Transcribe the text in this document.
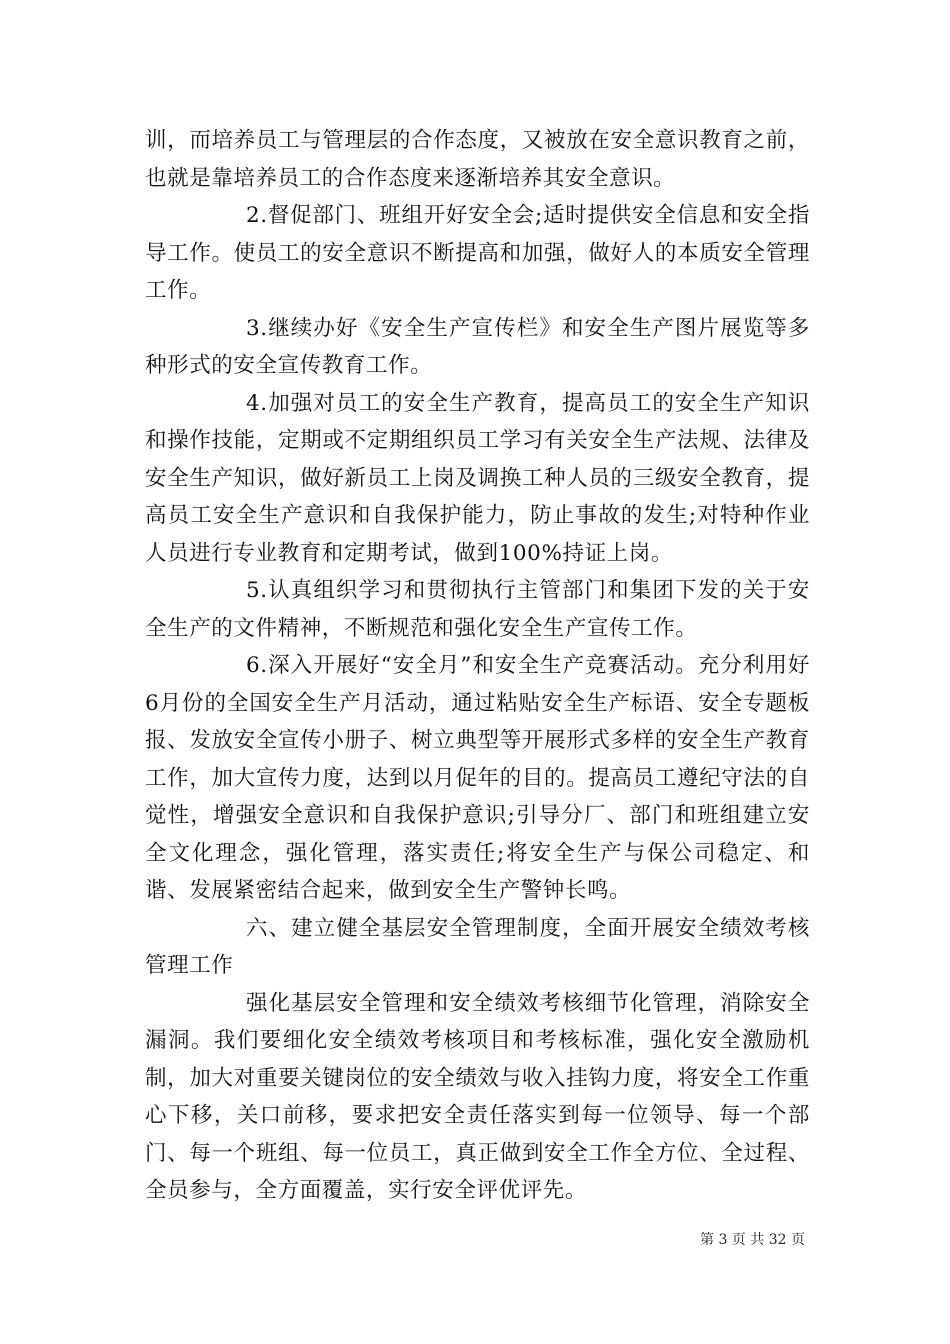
训，而培养员工与管理层的合作态度，又被放在安全意识教育之前，也就是靠培养员工的合作态度来逐渐培养其安全意识。

2.督促部门、班组开好安全会;适时提供安全信息和安全指导工作。使员工的安全意识不断提高和加强，做好人的本质安全管理工作。

3.继续办好《安全生产宣传栏》和安全生产图片展览等多种形式的安全宣传教育工作。

4.加强对员工的安全生产教育，提高员工的安全生产知识和操作技能，定期或不定期组织员工学习有关安全生产法规、法律及安全生产知识，做好新员工上岗及调换工种人员的三级安全教育，提高员工安全生产意识和自我保护能力，防止事故的发生;对特种作业人员进行专业教育和定期考试，做到100%持证上岗。

5.认真组织学习和贯彻执行主管部门和集团下发的关于安全生产的文件精神，不断规范和强化安全生产宣传工作。

6.深入开展好“安全月”和安全生产竞赛活动。充分利用好6月份的全国安全生产月活动，通过粘贴安全生产标语、安全专题板报、发放安全宣传小册子、树立典型等开展形式多样的安全生产教育工作，加大宣传力度，达到以月促年的目的。提高员工遵纪守法的自觉性，增强安全意识和自我保护意识;引导分厂、部门和班组建立安全文化理念，强化管理，落实责任;将安全生产与保公司稳定、和谐、发展紧密结合起来，做到安全生产警钟长鸣。

六、建立健全基层安全管理制度，全面开展安全绩效考核管理工作

强化基层安全管理和安全绩效考核细节化管理，消除安全漏洞。我们要细化安全绩效考核项目和考核标准，强化安全激励机制，加大对重要关键岗位的安全绩效与收入挂钩力度，将安全工作重心下移，关口前移，要求把安全责任落实到每一位领导、每一个部门、每一个班组、每一位员工，真正做到安全工作全方位、全过程、全员参与，全方面覆盖，实行安全评优评先。

第 3 页 共 32 页
